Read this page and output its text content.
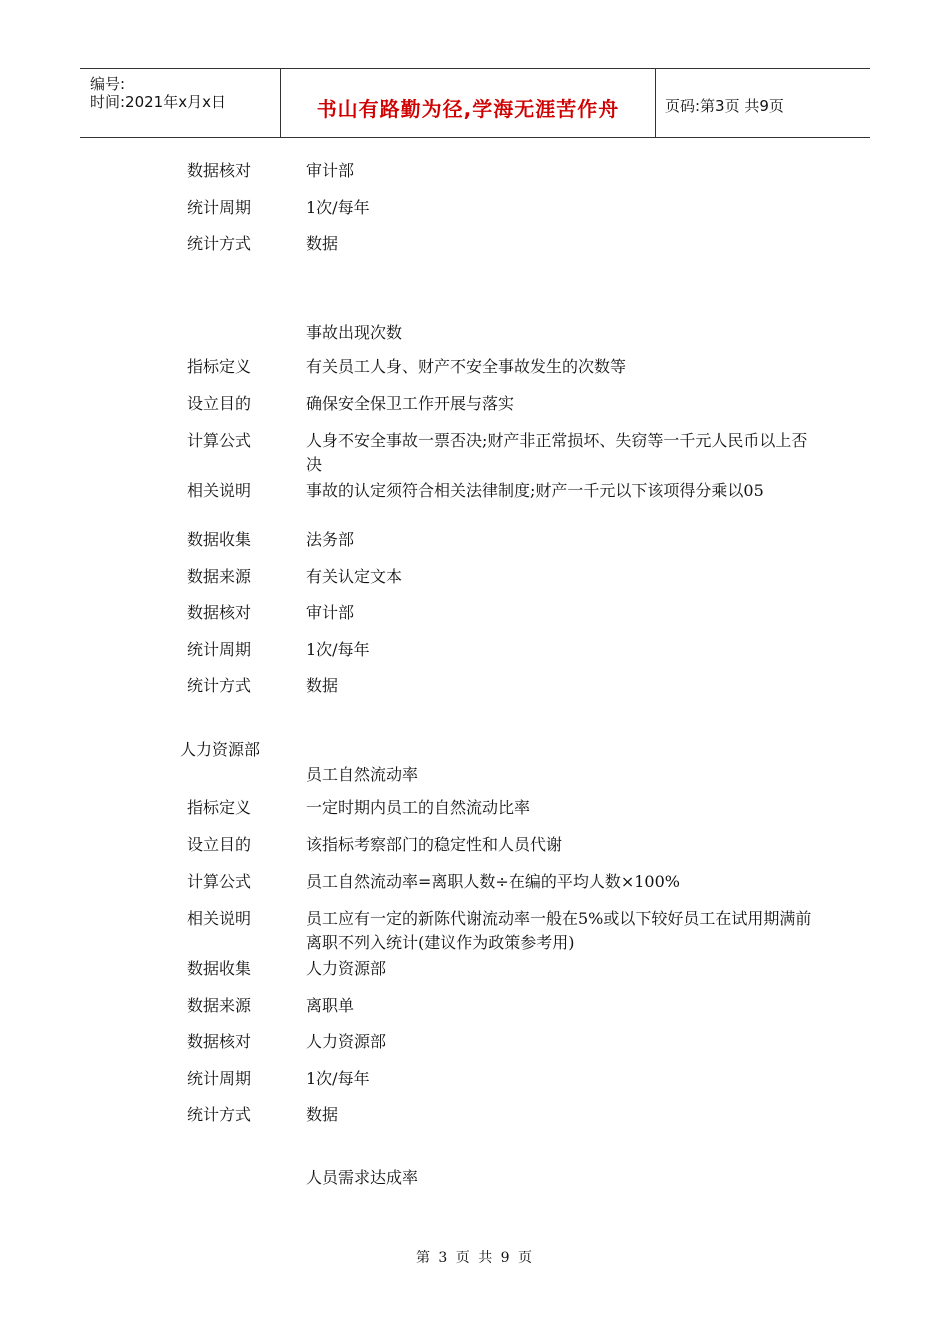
编号:
时间:2021年x月x日	书山有路勤为径,学海无涯苦作舟	页码:第3页 共9页
数据核对	审计部
统计周期	1次/每年
统计方式	数据
事故出现次数
指标定义	有关员工人身、财产不安全事故发生的次数等
设立目的	确保安全保卫工作开展与落实
计算公式	人身不安全事故一票否决;财产非正常损坏、失窃等一千元人民币以上否决
相关说明	事故的认定须符合相关法律制度;财产一千元以下该项得分乘以05
数据收集	法务部
数据来源	有关认定文本
数据核对	审计部
统计周期	1次/每年
统计方式	数据
人力资源部
员工自然流动率
指标定义	一定时期内员工的自然流动比率
设立目的	该指标考察部门的稳定性和人员代谢
计算公式	员工自然流动率=离职人数÷在编的平均人数×100%
相关说明	员工应有一定的新陈代谢流动率一般在5%或以下较好员工在试用期满前离职不列入统计(建议作为政策参考用)
数据收集	人力资源部
数据来源	离职单
数据核对	人力资源部
统计周期	1次/每年
统计方式	数据
人员需求达成率
第 3 页 共 9 页
